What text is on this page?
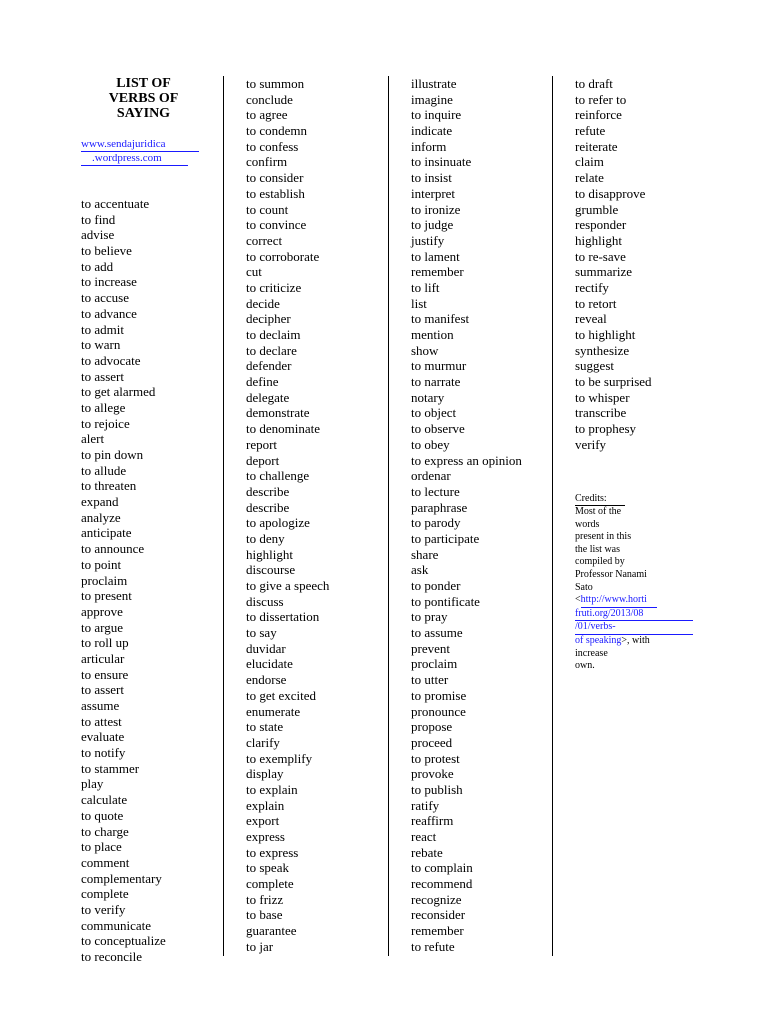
LIST OF
VERBS OF SAYING
www.sendajuridica
.wordpress.com
to accentuate
to find
advise
to believe
to add
to increase
to accuse
to advance
to admit
to warn
to advocate
to assert
to get alarmed
to allege
to rejoice
alert
to pin down
to allude
to threaten
expand
analyze
anticipate
to announce
to point
proclaim
to present
approve
to argue
to roll up
articular
to ensure
to assert
assume
to attest
evaluate
to notify
to stammer
play
calculate
to quote
to charge
to place
comment
complementary
complete
to verify
communicate
to conceptualize
to reconcile
to summon
conclude
to agree
to condemn
to confess
confirm
to consider
to establish
to count
to convince
correct
to corroborate
cut
to criticize
decide
decipher
to declaim
to declare
defender
define
delegate
demonstrate
to denominate
report
deport
to challenge
describe
describe
to apologize
to deny
highlight
discourse
to give a speech
discuss
to dissertation
to say
duvidar
elucidate
endorse
to get excited
enumerate
to state
clarify
to exemplify
display
to explain
explain
export
express
to express
to speak
complete
to frizz
to base
guarantee
to jar
illustrate
imagine
to inquire
indicate
inform
to insinuate
to insist
interpret
to ironize
to judge
justify
to lament
remember
to lift
list
to manifest
mention
show
to murmur
to narrate
notary
to object
to observe
to obey
to express an opinion
ordenar
to lecture
paraphrase
to parody
to participate
share
ask
to ponder
to pontificate
to pray
to assume
prevent
proclaim
to utter
to promise
pronounce
propose
proceed
to protest
provoke
to publish
ratify
reaffirm
react
rebate
to complain
recommend
recognize
reconsider
remember
to refute
to draft
to refer to
reinforce
refute
reiterate
claim
relate
to disapprove
grumble
responder
highlight
to re-save
summarize
rectify
to retort
reveal
to highlight
synthesize
suggest
to be surprised
to whisper
transcribe
to prophesy
verify
Credits:
Most of the
words
present in this
the list was
compiled by
Professor Nanami
Sato
<http://www.horti
fruti.org/2013/08
/01/verbs-
of speaking>, with
increase
own.
